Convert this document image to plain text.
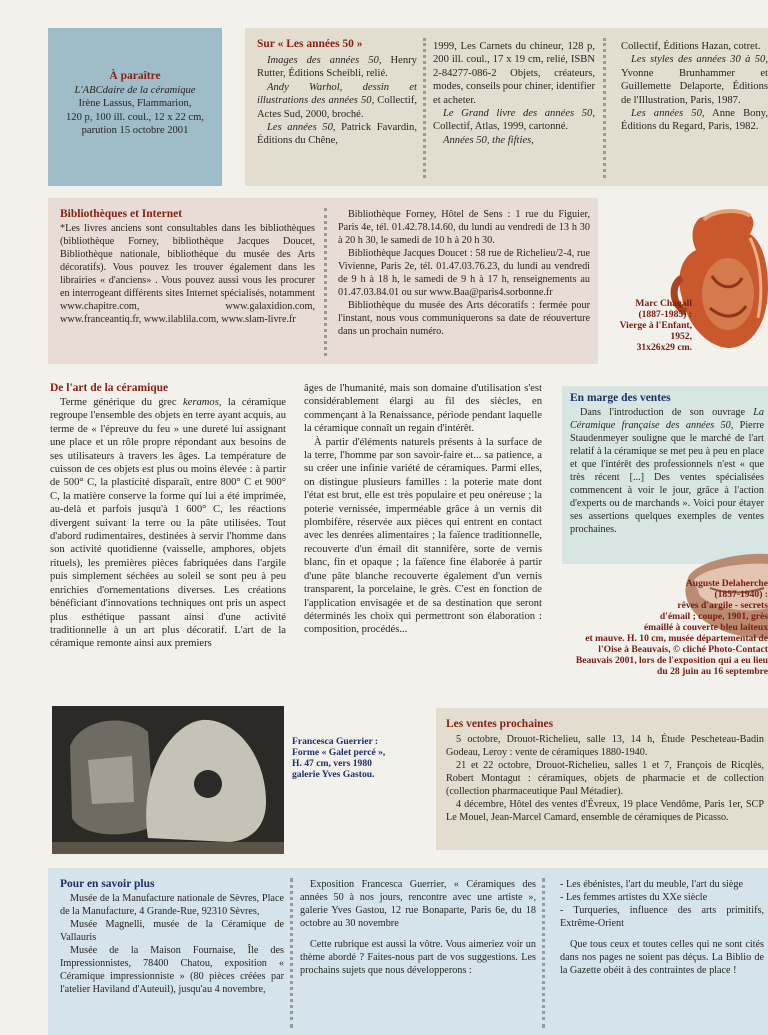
À paraître
L'ABCdaire de la céramique
Irène Lassus, Flammarion,
120 p, 100 ill. coul., 12 x 22 cm,
parution 15 octobre 2001
Sur « Les années 50 »

Images des années 50, Henry Rutter, Éditions Scheibli, relié.

Andy Warhol, dessin et illustrations des années 50, Collectif, Actes Sud, 2000, broché.

Les années 50, Patrick Favardin, Éditions du Chêne,

1999, Les Carnets du chineur, 128 p, 200 ill. coul., 17 x 19 cm, relié, ISBN 2-84277-086-2 Objets, créateurs, modes, conseils pour chiner, identifier et acheter.

Le Grand livre des années 50, Collectif, Atlas, 1999, cartonné.

Années 50, the fifties,

Collectif, Éditions Hazan, cotret.

Les styles des années 30 à 50, Yvonne Brunhammer et Guillemette Delaporte, Éditions de l'Illustration, Paris, 1987.

Les années 50, Anne Bony, Éditions du Regard, Paris, 1982.

Bibliothèques et Internet

*Les livres anciens sont consultables dans les bibliothèques (bibliothèque Forney, bibliothèque Jacques Doucet, Bibliothèque nationale, bibliothèque du musée des Arts décoratifs). Vous pouvez les trouver également dans les librairies « d'anciens» . Vous pouvez aussi vous les procurer en interrogeant différents sites Internet spécialisés, notamment www.chapitre.com, www.galaxidion.com, www.franceantiq.fr, www.ilablila.com, www.slam-livre.fr

Bibliothèque Forney, Hôtel de Sens : 1 rue du Figuier, Paris 4e, tél. 01.42.78.14.60, du lundi au vendredi de 13 h 30 à 20 h 30, le samedi de 10 h à 20 h 30.

Bibliothèque Jacques Doucet : 58 rue de Richelieu/2-4, rue Vivienne, Paris 2e, tél. 01.47.03.76.23, du lundi au vendredi de 9 h à 18 h, le samedi de 9 h à 17 h, renseignements au 01.47.03.84.01 ou sur www.Baa@paris4.sorbonne.fr

Bibliothèque du musée des Arts décoratifs : fermée pour l'instant, nous vous communiquerons sa date de réouverture dans un prochain numéro.

Marc Chagall
(1887-1985) :
Vierge à l'Enfant,
1952,
31x26x29 cm.
De l'art de la céramique

Terme générique du grec keramos, la céramique regroupe l'ensemble des objets en terre ayant acquis, au terme de « l'épreuve du feu » une dureté lui assignant une place et un rôle propre répondant aux besoins de ses utilisateurs à travers les âges. La température de cuisson de ces objets est plus ou moins élevée : à partir de 500° C, la plasticité disparaît, entre 800° C et 900° C, la matière conserve la forme qui lui a été imprimée, au-delà et parfois jusqu'à 1 600° C, les réactions divergent suivant la terre ou la pâte utilisées. Tout d'abord rudimentaires, destinées à servir l'homme dans son activité quotidienne (vaisselle, amphores, objets rituels), les premières pièces fabriquées dans l'argile puis simplement séchées au soleil se sont peu à peu enrichies d'ornementations diverses. Les créations bénéficiant d'innovations techniques ont pris un aspect plus esthétique passant ainsi d'une activité traditionnelle à un art plus décoratif. L'art de la céramique remonte ainsi aux premiers

âges de l'humanité, mais son domaine d'utilisation s'est considérablement élargi au fil des siècles, en commençant à la Renaissance, période pendant laquelle la céramique connaît un regain d'intérêt.

À partir d'éléments naturels présents à la surface de la terre, l'homme par son savoir-faire et... sa patience, a su créer une infinie variété de céramiques. Parmi elles, on distingue plusieurs familles : la poterie mate dont l'état est brut, elle est très populaire et peu onéreuse ; la poterie vernissée, imperméable grâce à un vernis dit plombifère, réservée aux pièces qui entrent en contact avec les denrées alimentaires ; la faïence traditionnelle, recouverte d'un émail dit stannifère, sorte de vernis blanc, fin et opaque ; la faïence fine élaborée à partir d'une pâte blanche recouverte également d'un vernis transparent, la porcelaine, le grès. C'est en fonction de l'application envisagée et de sa destination que seront déterminés les choix qui permettront son élaboration : composition, procédés...

En marge des ventes

Dans l'introduction de son ouvrage La Céramique française des années 50, Pierre Staudenmeyer souligne que le marché de l'art relatif à la céramique se met peu à peu en place et que l'intérêt des professionnels n'est « que très récent [...] Des ventes spécialisées commencent à voir le jour, grâce à l'action d'experts ou de marchands ». Voici pour étayer ses assertions quelques exemples de ventes prochaines.

Auguste Delaherche
(1857-1940) :
rêves d'argile - secrets
d'émail ; coupe, 1901, grès
émaillé à couverte bleu laiteux
et mauve. H. 10 cm, musée départemental de
l'Oise à Beauvais, © cliché Photo-Contact
Beauvais 2001, lors de l'exposition qui a eu lieu
du 28 juin au 16 septembre
Francesca Guerrier :
Forme « Galet percé »,
H. 47 cm, vers 1980
galerie Yves Gastou.
Les ventes prochaines

5 octobre, Drouot-Richelieu, salle 13, 14 h, Étude Pescheteau-Badin Godeau, Leroy : vente de céramiques 1880-1940.

21 et 22 octobre, Drouot-Richelieu, salles 1 et 7, François de Ricqlès, Robert Montagut : céramiques, objets de pharmacie et de collection (collection pharmaceutique Paul Métadier).

4 décembre, Hôtel des ventes d'Évreux, 19 place Vendôme, Paris 1er, SCP Le Mouel, Jean-Marcel Camard, ensemble de céramiques de Picasso.

Pour en savoir plus

Musée de la Manufacture nationale de Sèvres, Place de la Manufacture, 4 Grande-Rue, 92310 Sèvres,

Musée Magnelli, musée de la Céramique de Vallauris

Musée de la Maison Fournaise, Île des Impressionnistes, 78400 Chatou, exposition « Céramique impressionniste » (80 pièces créées par l'atelier Haviland d'Auteuil), jusqu'au 4 novembre,

Exposition Francesca Guerrier, « Céramiques des années 50 à nos jours, rencontre avec une artiste », galerie Yves Gastou, 12 rue Bonaparte, Paris 6e, du 18 octobre au 30 novembre

Cette rubrique est aussi la vôtre. Vous aimeriez voir un thème abordé ? Faites-nous part de vos suggestions. Les prochains sujets que nous développerons :

- Les ébénistes, l'art du meuble, l'art du siège

- Les femmes artistes du XXe siècle

- Turqueries, influence des arts primitifs, Extrême-Orient

Que tous ceux et toutes celles qui ne sont cités dans nos pages ne soient pas déçus. La Biblio de la Gazette obéit à des contraintes de place !
